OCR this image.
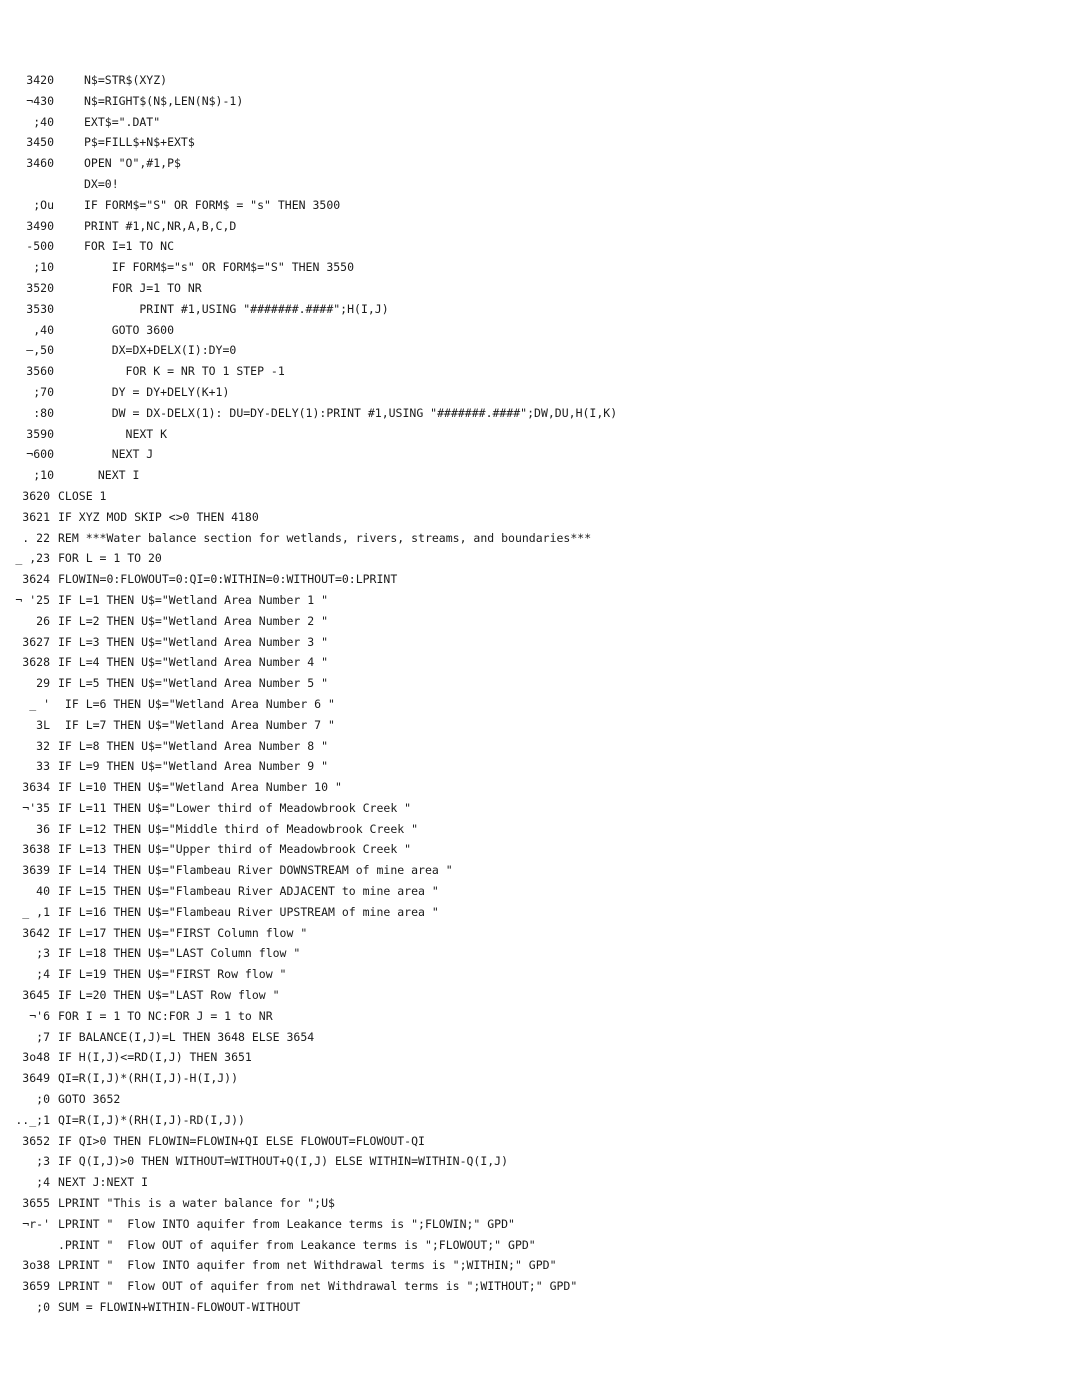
3420	N$=STR$(XYZ)
¬430	N$=RIGHT$(N$,LEN(N$)-1)
;40	EXT$=".DAT"
3450	P$=FILL$+N$+EXT$
3460	OPEN "O",#1,P$
DX=0!
;Ou	IF FORM$="S" OR FORM$ = "s" THEN 3500
3490	PRINT #1,NC,NR,A,B,C,D
-500	FOR I=1 TO NC
;10	IF FORM$="s" OR FORM$="S" THEN 3550
3520	FOR J=1 TO NR
3530	PRINT #1,USING "#######.####";H(I,J)
,40	GOTO 3600
—,50	DX=DX+DELX(I):DY=0
3560	FOR K = NR TO 1 STEP -1
;70	DY = DY+DELY(K+1)
:80	DW = DX-DELX(1): DU=DY-DELY(1):PRINT #1,USING "#######.####";DW,DU,H(I,K)
3590	NEXT K
¬600	NEXT J
;10	NEXT I
3620 CLOSE 1
3621 IF XYZ MOD SKIP <>0 THEN 4180
. 22 REM ***Water balance section for wetlands, rivers, streams, and boundaries***
_ ,23 FOR L = 1 TO 20
3624 FLOWIN=0:FLOWOUT=0:QI=0:WITHIN=0:WITHOUT=0:LPRINT
¬ '25 IF L=1 THEN U$="Wetland Area Number 1 "
26 IF L=2 THEN U$="Wetland Area Number 2 "
3627 IF L=3 THEN U$="Wetland Area Number 3 "
3628 IF L=4 THEN U$="Wetland Area Number 4 "
29 IF L=5 THEN U$="Wetland Area Number 5 "
_ ' IF L=6 THEN U$="Wetland Area Number 6 "
3L IF L=7 THEN U$="Wetland Area Number 7 "
32 IF L=8 THEN U$="Wetland Area Number 8 "
33 IF L=9 THEN U$="Wetland Area Number 9 "
3634 IF L=10 THEN U$="Wetland Area Number 10 "
¬'35 IF L=11 THEN U$="Lower third of Meadowbrook Creek "
36 IF L=12 THEN U$="Middle third of Meadowbrook Creek "
3638 IF L=13 THEN U$="Upper third of Meadowbrook Creek "
3639 IF L=14 THEN U$="Flambeau River DOWNSTREAM of mine area "
40 IF L=15 THEN U$="Flambeau River ADJACENT to mine area "
_ ,1 IF L=16 THEN U$="Flambeau River UPSTREAM of mine area "
3642 IF L=17 THEN U$="FIRST Column flow "
;3 IF L=18 THEN U$="LAST Column flow "
;4 IF L=19 THEN U$="FIRST Row flow "
3645 IF L=20 THEN U$="LAST Row flow "
¬'6 FOR I = 1 TO NC:FOR J = 1 to NR
;7 IF BALANCE(I,J)=L THEN 3648 ELSE 3654
3o48 IF H(I,J)<=RD(I,J) THEN 3651
3649 QI=R(I,J)*(RH(I,J)-H(I,J))
;0 GOTO 3652
.._;1 QI=R(I,J)*(RH(I,J)-RD(I,J))
3652 IF QI>0 THEN FLOWIN=FLOWIN+QI ELSE FLOWOUT=FLOWOUT-QI
;3 IF Q(I,J)>0 THEN WITHOUT=WITHOUT+Q(I,J) ELSE WITHIN=WITHIN-Q(I,J)
;4 NEXT J:NEXT I
3655 LPRINT "This is a water balance for ";U$
¬r-' LPRINT "  Flow INTO aquifer from Leakance terms is ";FLOWIN;" GPD"
.PRINT "  Flow OUT of aquifer from Leakance terms is ";FLOWOUT;" GPD"
3o38 LPRINT "  Flow INTO aquifer from net Withdrawal terms is ";WITHIN;" GPD"
3659 LPRINT "  Flow OUT of aquifer from net Withdrawal terms is ";WITHOUT;" GPD"
;0 SUM = FLOWIN+WITHIN-FLOWOUT-WITHOUT
